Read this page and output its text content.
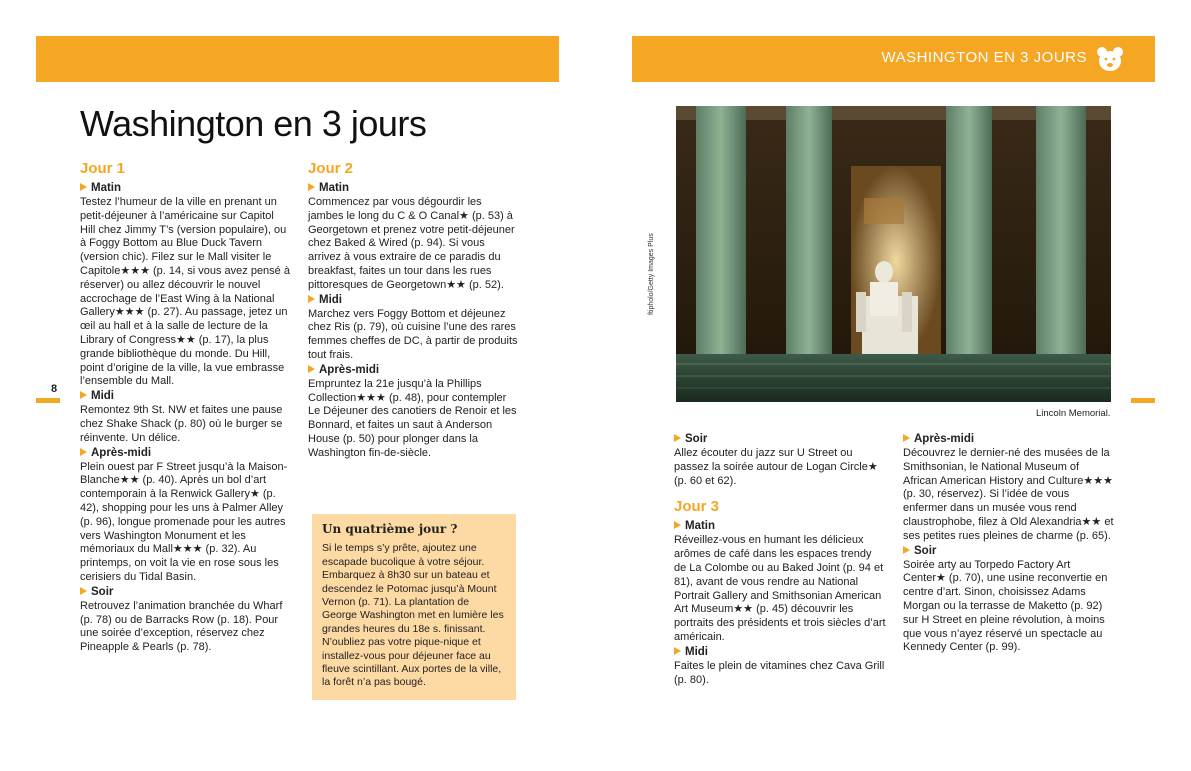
8
Washington en 3 jours
Jour 1
Matin

Testez l’humeur de la ville en prenant un petit-déjeuner à l’américaine sur Capitol Hill chez Jimmy T’s (version populaire), ou à Foggy Bottom au Blue Duck Tavern (version chic). Filez sur le Mall visiter le Capitole★★★ (p. 14, si vous avez pensé à réserver) ou allez découvrir le nouvel accrochage de l’East Wing à la National Gallery★★★ (p. 27). Au passage, jetez un œil au hall et à la salle de lecture de la Library of Congress★★ (p. 17), la plus grande bibliothèque du monde. Du Hill, point d’origine de la ville, la vue embrasse l’ensemble du Mall.

Midi

Remontez 9th St. NW et faites une pause chez Shake Shack (p. 80) où le burger se réinvente. Un délice.

Après-midi

Plein ouest par F Street jusqu’à la Maison-Blanche★★ (p. 40). Après un bol d’art contemporain à la Renwick Gallery★ (p. 42), shopping pour les uns à Palmer Alley (p. 96), longue promenade pour les autres vers Washington Monument et les mémoriaux du Mall★★★ (p. 32). Au printemps, on voit la vie en rose sous les cerisiers du Tidal Basin.

Soir

Retrouvez l’animation branchée du Wharf (p. 78) ou de Barracks Row (p. 18). Pour une soirée d’exception, réservez chez Pineapple & Pearls (p. 78).

Jour 2
Matin

Commencez par vous dégourdir les jambes le long du C & O Canal★ (p. 53) à Georgetown et prenez votre petit-déjeuner chez Baked & Wired (p. 94). Si vous arrivez à vous extraire de ce paradis du breakfast, faites un tour dans les rues pittoresques de Georgetown★★ (p. 52).

Midi

Marchez vers Foggy Bottom et déjeunez chez Ris (p. 79), où cuisine l’une des rares femmes cheffes de DC, à partir de produits tout frais.

Après-midi

Empruntez la 21e jusqu’à la Phillips Collection★★★ (p. 48), pour contempler Le Déjeuner des canotiers de Renoir et les Bonnard, et faites un saut à Anderson House (p. 50) pour plonger dans la Washington fin-de-siècle.

Un quatrième jour ?

Si le temps s’y prête, ajoutez une escapade bucolique à votre séjour. Embarquez à 8h30 sur un bateau et descendez le Potomac jusqu’à Mount Vernon (p. 71). La plantation de George Washington met en lumière les grandes heures du 18e s. finissant. N’oubliez pas votre pique-nique et installez-vous pour déjeuner face au fleuve scintillant. Aux portes de la ville, la forêt n’a pas bougé.

WASHINGTON EN 3 JOURS
ftipholo/Getty Images Plus
Lincoln Memorial.
Soir

Allez écouter du jazz sur U Street ou passez la soirée autour de Logan Circle★ (p. 60 et 62).

Jour 3
Matin

Réveillez-vous en humant les délicieux arômes de café dans les espaces trendy de La Colombe ou au Baked Joint (p. 94 et 81), avant de vous rendre au National Portrait Gallery and Smithsonian American Art Museum★★ (p. 45) découvrir les portraits des présidents et trois siècles d’art américain.

Midi

Faites le plein de vitamines chez Cava Grill (p. 80).

Après-midi

Découvrez le dernier-né des musées de la Smithsonian, le National Museum of African American History and Culture★★★ (p. 30, réservez). Si l’idée de vous enfermer dans un musée vous rend claustrophobe, filez à Old Alexandria★★ et ses petites rues pleines de charme (p. 65).

Soir

Soirée arty au Torpedo Factory Art Center★ (p. 70), une usine reconvertie en centre d’art. Sinon, choisissez Adams Morgan ou la terrasse de Maketto (p. 92) sur H Street en pleine révolution, à moins que vous n’ayez réservé un spectacle au Kennedy Center (p. 99).
